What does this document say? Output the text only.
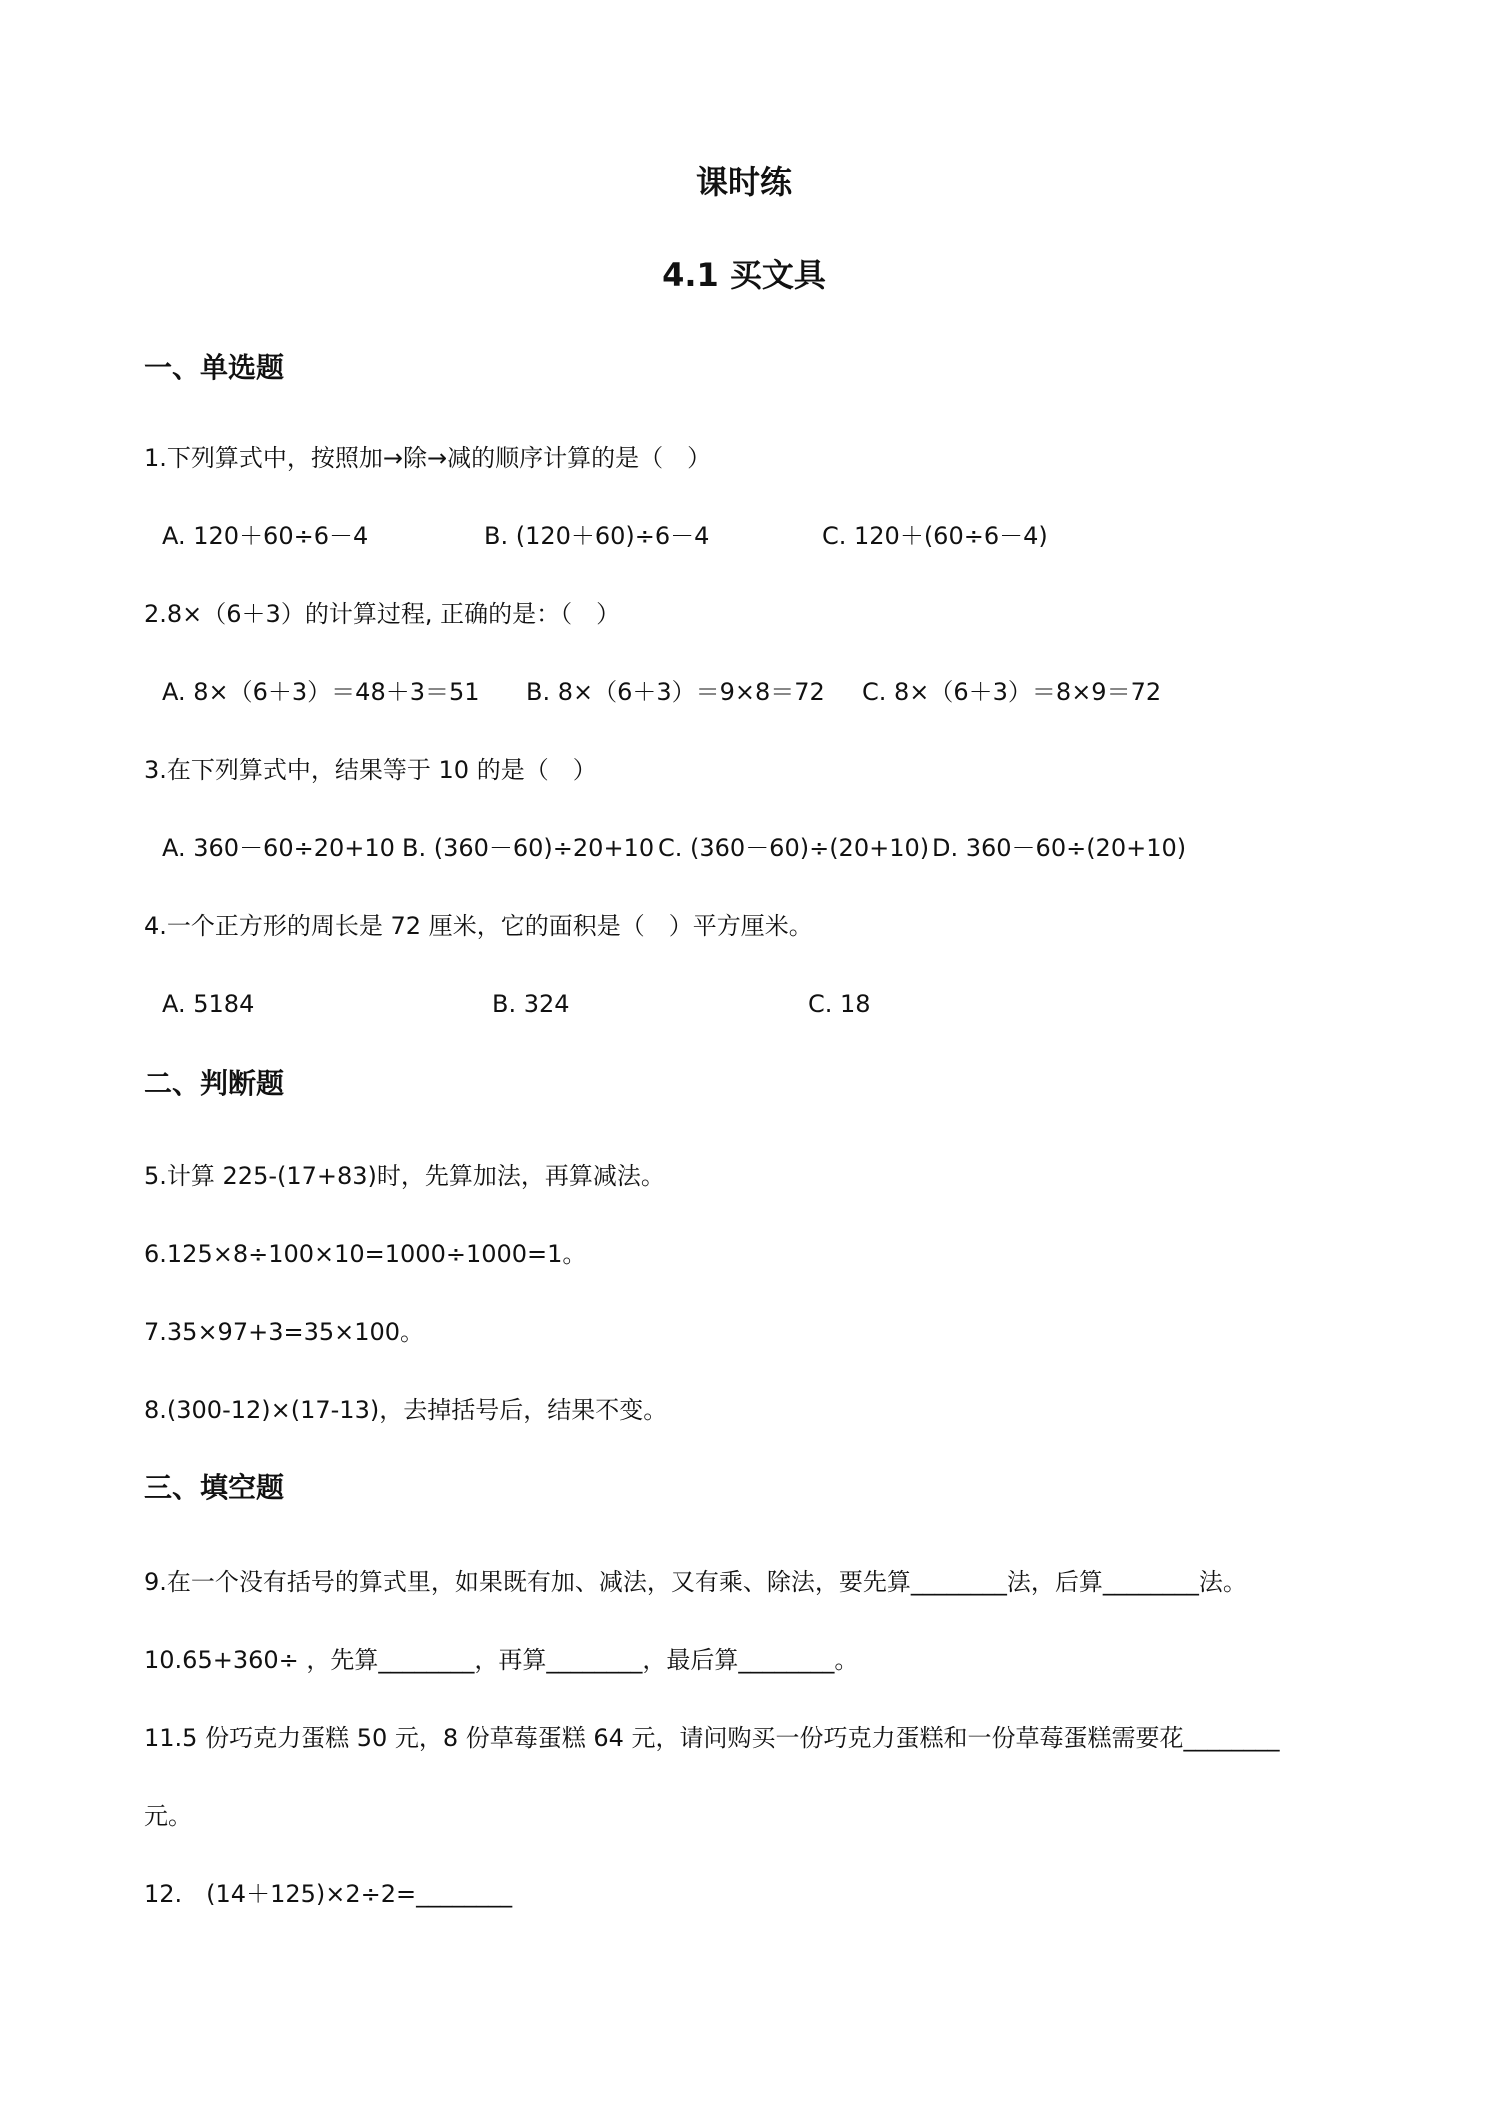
课时练
4.1 买文具
一、单选题
1.下列算式中，按照加→除→减的顺序计算的是（　）
A. 120＋60÷6－4	B. (120＋60)÷6－4	C. 120＋(60÷6－4)
2.8×（6＋3）的计算过程, 正确的是：（　）
A. 8×（6＋3）＝48＋3＝51 B. 8×（6＋3）＝9×8＝72 C. 8×（6＋3）＝8×9＝72
3.在下列算式中，结果等于 10 的是（　）
A. 360－60÷20+10 B. (360－60)÷20+10 C. (360－60)÷(20+10) D. 360－60÷(20+10)
4.一个正方形的周长是 72 厘米，它的面积是（　）平方厘米。
A. 5184	B. 324	C. 18
二、判断题
5.计算 225-(17+83)时，先算加法，再算减法。
6.125×8÷100×10=1000÷1000=1。
7.35×97+3=35×100。
8.(300-12)×(17-13)，去掉括号后，结果不变。
三、填空题
9.在一个没有括号的算式里，如果既有加、减法，又有乘、除法，要先算________法，后算________法。
10.65+360÷ ，先算________，再算________，最后算________。
11.5 份巧克力蛋糕 50 元，8 份草莓蛋糕 64 元，请问购买一份巧克力蛋糕和一份草莓蛋糕需要花________
元。
12.　(14＋125)×2÷2=________
